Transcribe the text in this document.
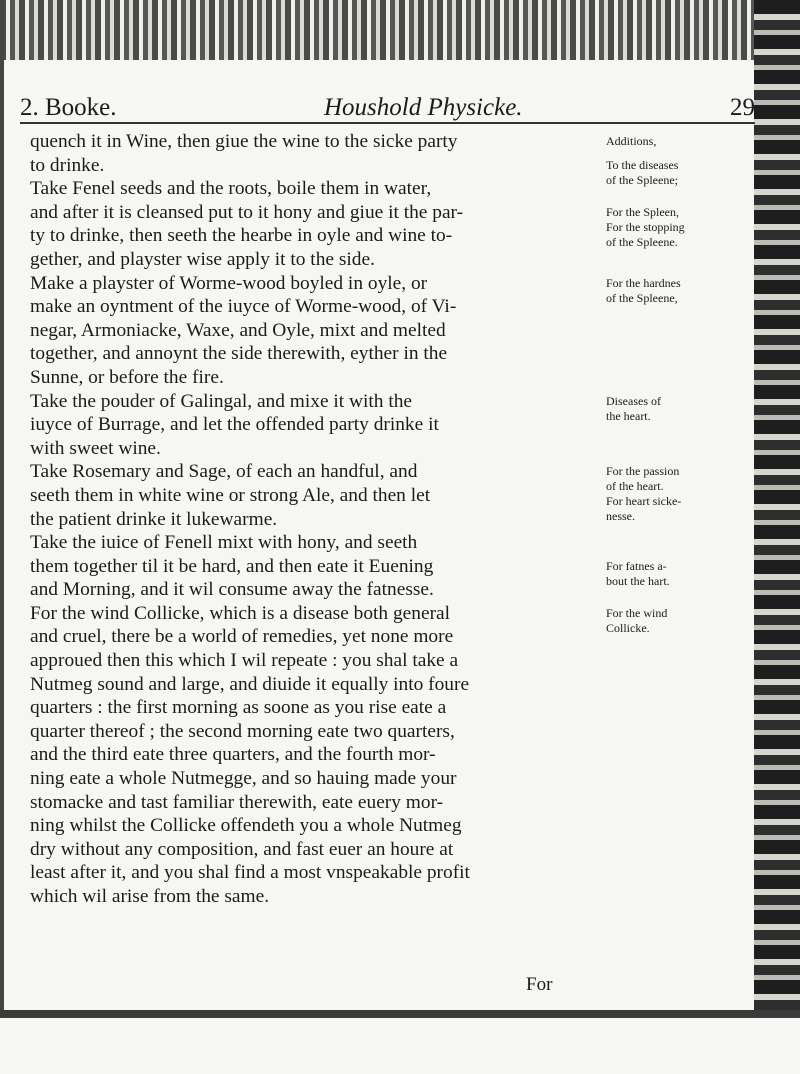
2. Booke.	Houshold Physicke.	29
quench it in Wine, then giue the wine to the sicke party
to drinke.
Take Fenel seeds and the roots, boile them in water,
and after it is cleansed put to it hony and giue it the par-
ty to drinke, then seeth the hearbe in oyle and wine to-
gether, and playster wise apply it to the side.
Make a playster of Worme-wood boyled in oyle, or
make an oyntment of the iuyce of Worme-wood, of Vi-
negar, Armoniacke, Waxe, and Oyle, mixt and melted
together, and annoynt the side therewith, eyther in the
Sunne, or before the fire.
Take the pouder of Galingal, and mixe it with the
iuyce of Burrage, and let the offended party drinke it
with sweet wine.
Take Rosemary and Sage, of each an handful, and
seeth them in white wine or strong Ale, and then let
the patient drinke it lukewarme.
Take the iuice of Fenell mixt with hony, and seeth
them together til it be hard, and then eate it Euening
and Morning, and it wil consume away the fatnesse.
For the wind Collicke, which is a disease both general
and cruel, there be a world of remedies, yet none more
approued then this which I wil repeate : you shal take a
Nutmeg sound and large, and diuide it equally into foure
quarters : the first morning as soone as you rise eate a
quarter thereof ; the second morning eate two quarters,
and the third eate three quarters, and the fourth mor-
ning eate a whole Nutmegge, and so hauing made your
stomacke and tast familiar therewith, eate euery mor-
ning whilst the Collicke offendeth you a whole Nutmeg
dry without any composition, and fast euer an houre at
least after it, and you shal find a most vnspeakable profit
which wil arise from the same.
Additions,
To the diseases
of the Spleene;
For the Spleen,
For the stopping
of the Spleene.
For the hardnes
of the Spleene,
Diseases of
the heart.
For the passion
of the heart.
For heart sicke-
nesse.
For fatnes a-
bout the hart.
For the wind
Collicke.
For
